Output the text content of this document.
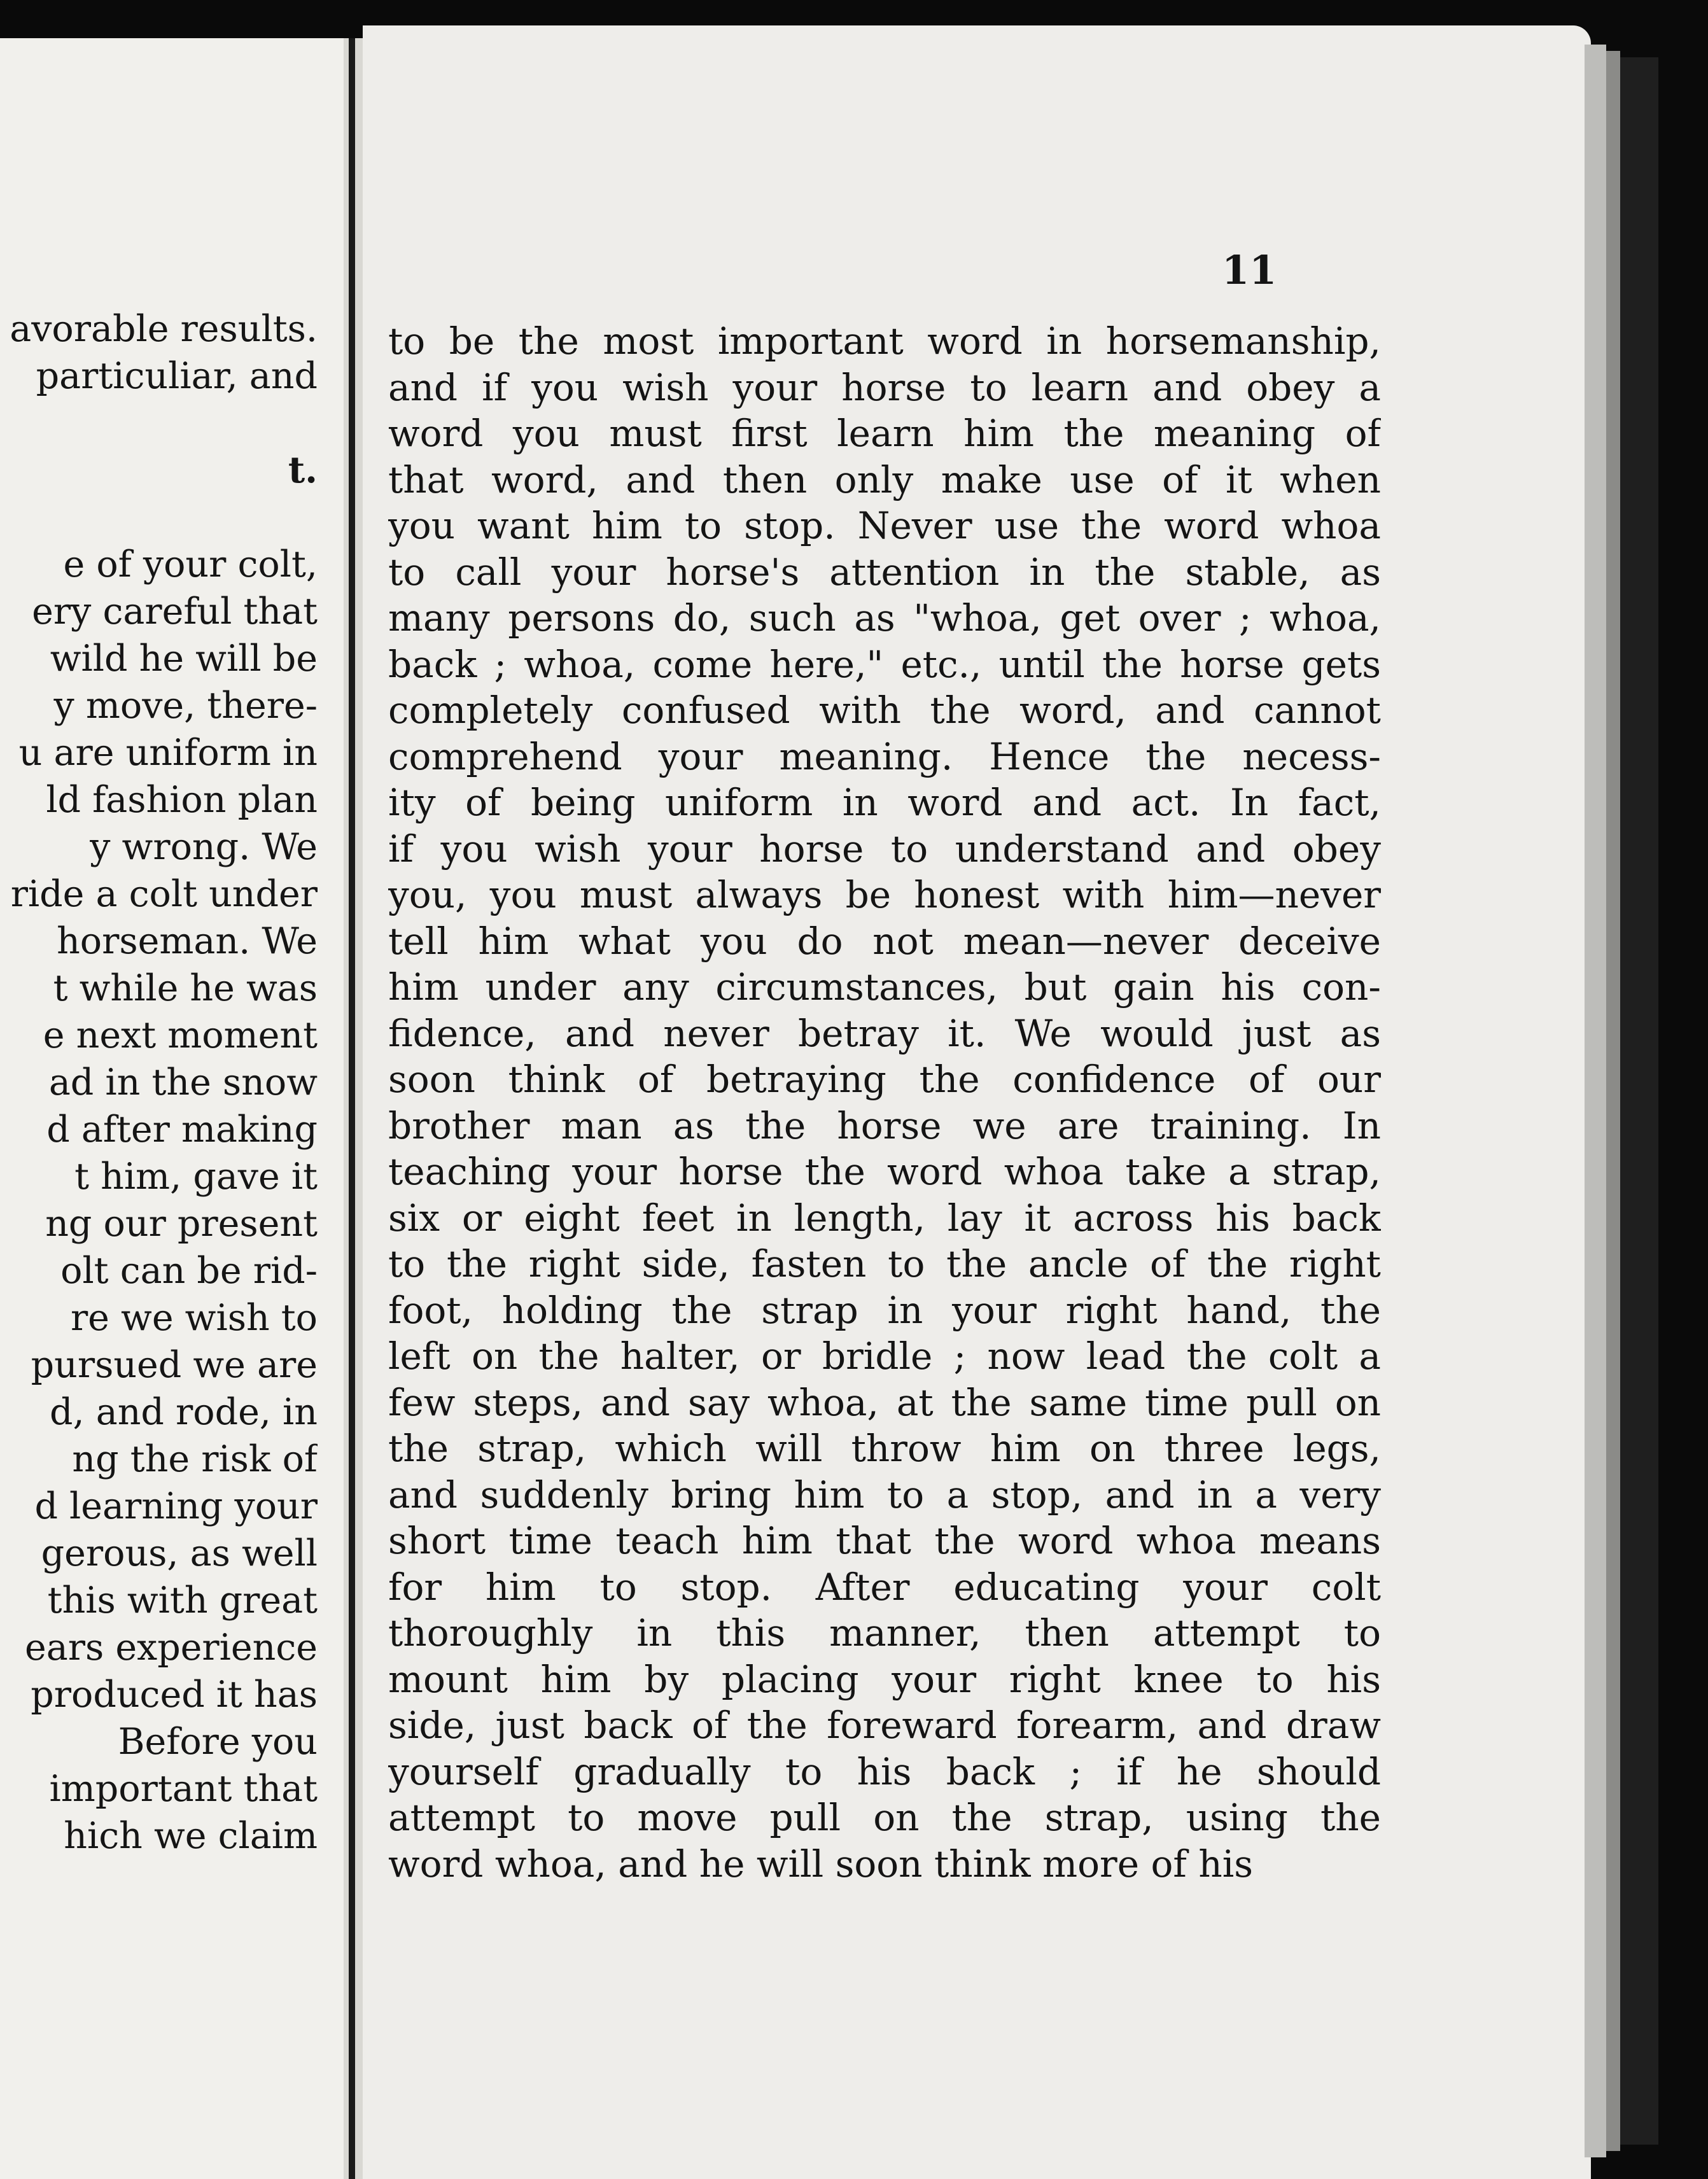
avorable results.
particuliar, and
t.
e of your colt,
ery careful that
wild he will be
y move, there-
u are uniform in
ld fashion plan
y wrong. We
ride a colt under
horseman. We
t while he was
e next moment
ad in the snow
d after making
t him, gave it
ng our present
olt can be rid-
re we wish to
pursued we are
d, and rode, in
ng the risk of
d learning your
gerous, as well
this with great
ears experience
produced it has
Before you
important that
hich we claim
11
to be the most important word in horsemanship,
and if you wish your horse to learn and obey a
word you must first learn him the meaning of
that word, and then only make use of it when
you want him to stop. Never use the word whoa
to call your horse's attention in the stable, as
many persons do, such as "whoa, get over ; whoa,
back ; whoa, come here," etc., until the horse gets
completely confused with the word, and cannot
comprehend your meaning. Hence the necess-
ity of being uniform in word and act. In fact,
if you wish your horse to understand and obey
you, you must always be honest with him—never
tell him what you do not mean—never deceive
him under any circumstances, but gain his con-
fidence, and never betray it. We would just as
soon think of betraying the confidence of our
brother man as the horse we are training. In
teaching your horse the word whoa take a strap,
six or eight feet in length, lay it across his back
to the right side, fasten to the ancle of the right
foot, holding the strap in your right hand, the
left on the halter, or bridle ; now lead the colt a
few steps, and say whoa, at the same time pull on
the strap, which will throw him on three legs,
and suddenly bring him to a stop, and in a very
short time teach him that the word whoa means
for him to stop. After educating your colt
thoroughly in this manner, then attempt to
mount him by placing your right knee to his
side, just back of the foreward forearm, and draw
yourself gradually to his back ; if he should
attempt to move pull on the strap, using the
word whoa, and he will soon think more of his
